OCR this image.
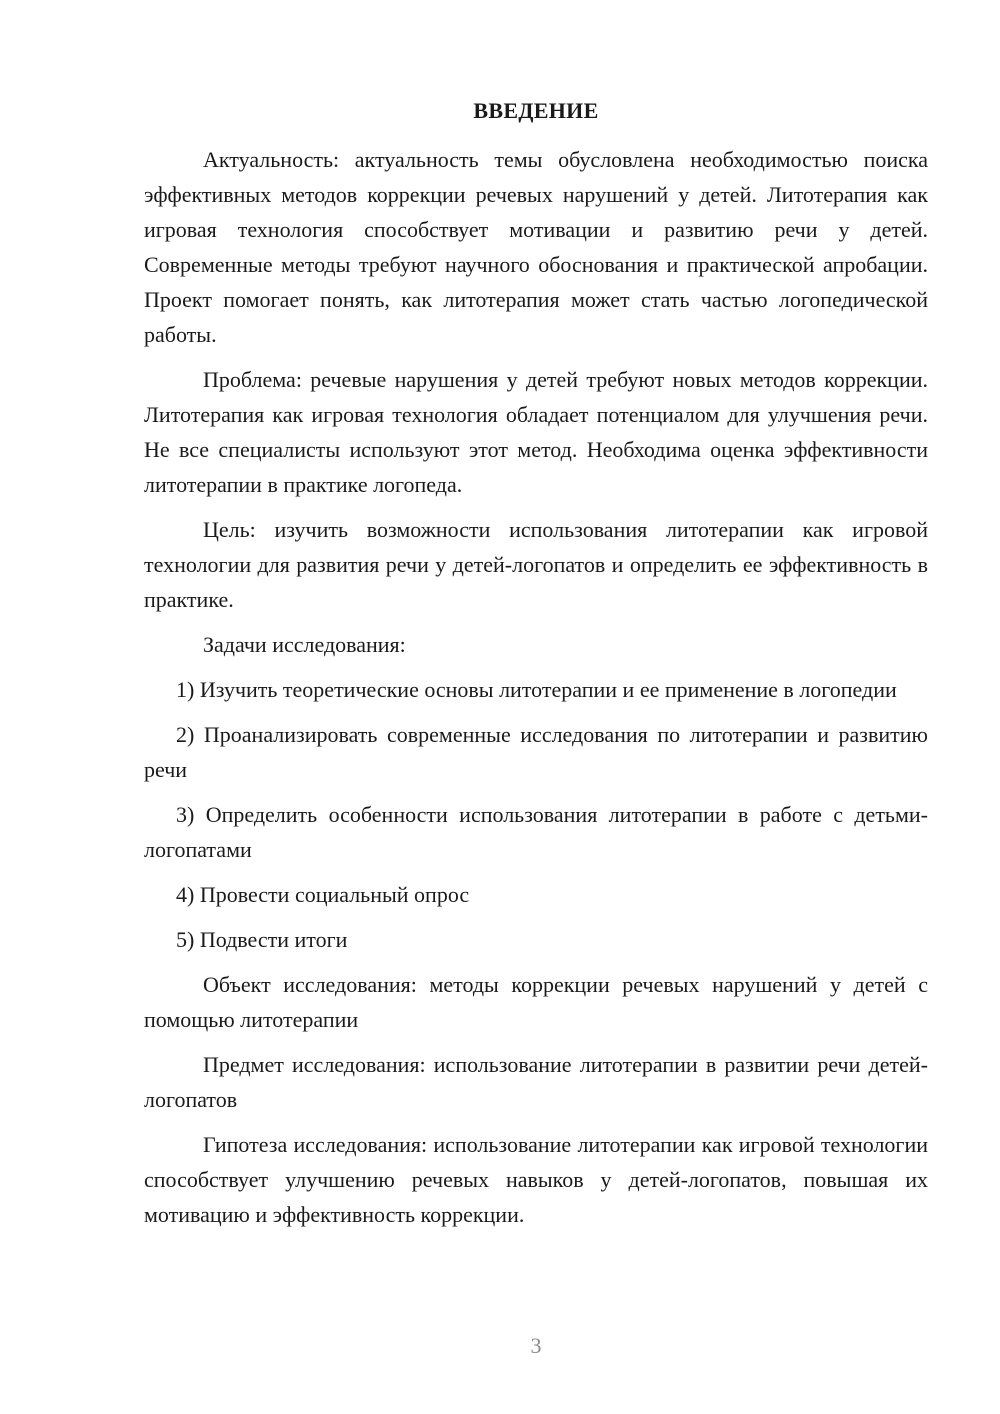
ВВЕДЕНИЕ

Актуальность: актуальность темы обусловлена необходимостью поиска эффективных методов коррекции речевых нарушений у детей. Литотерапия как игровая технология способствует мотивации и развитию речи у детей. Современные методы требуют научного обоснования и практической апробации. Проект помогает понять, как литотерапия может стать частью логопедической работы.

Проблема: речевые нарушения у детей требуют новых методов коррекции. Литотерапия как игровая технология обладает потенциалом для улучшения речи. Не все специалисты используют этот метод. Необходима оценка эффективности литотерапии в практике логопеда.

Цель: изучить возможности использования литотерапии как игровой технологии для развития речи у детей-логопатов и определить ее эффективность в практике.

Задачи исследования:

1) Изучить теоретические основы литотерапии и ее применение в логопедии

2) Проанализировать современные исследования по литотерапии и развитию речи

3) Определить особенности использования литотерапии в работе с детьми-логопатами

4) Провести социальный опрос

5) Подвести итоги

Объект исследования: методы коррекции речевых нарушений у детей с помощью литотерапии

Предмет исследования: использование литотерапии в развитии речи детей-логопатов

Гипотеза исследования: использование литотерапии как игровой технологии способствует улучшению речевых навыков у детей-логопатов, повышая их мотивацию и эффективность коррекции.

3
